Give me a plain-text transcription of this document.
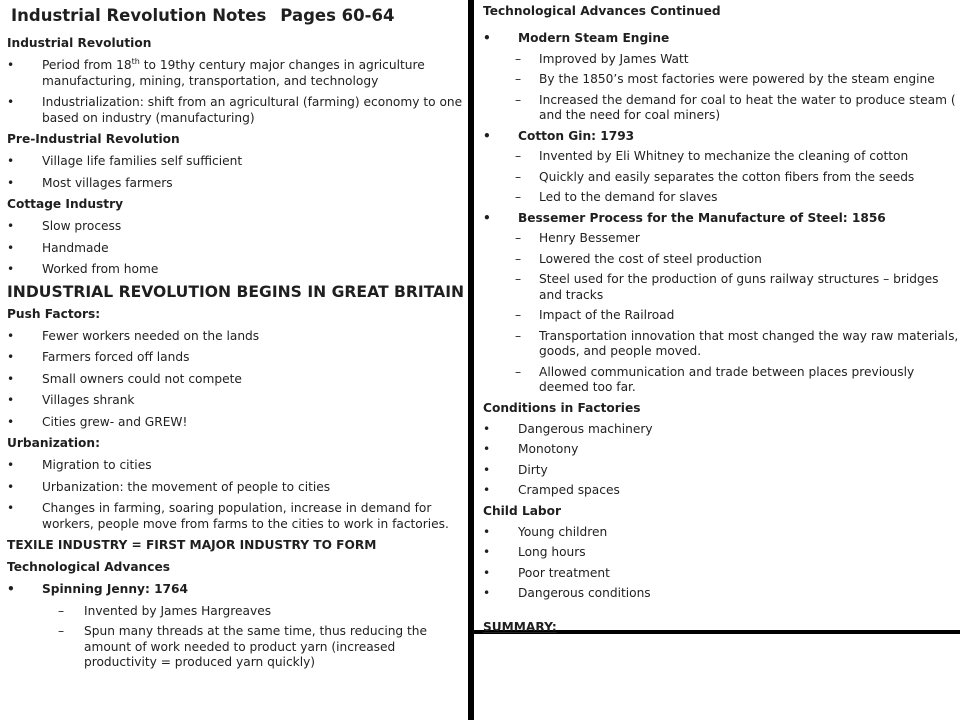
Industrial Revolution Notes Pages 60-64
Industrial Revolution
• Period from 18th to 19thy century major changes in agriculture manufacturing, mining, transportation, and technology
• Industrialization: shift from an agricultural (farming) economy to one based on industry (manufacturing)
Pre-Industrial Revolution
• Village life families self sufficient
• Most villages farmers
Cottage Industry
• Slow process
• Handmade
• Worked from home
INDUSTRIAL REVOLUTION BEGINS IN GREAT BRITAIN
Push Factors:
• Fewer workers needed on the lands
• Farmers forced off lands
• Small owners could not compete
• Villages shrank
• Cities grew- and GREW!
Urbanization:
• Migration to cities
• Urbanization: the movement of people to cities
• Changes in farming, soaring population, increase in demand for workers, people move from farms to the cities to work in factories.
TEXILE INDUSTRY = FIRST MAJOR INDUSTRY TO FORM
Technological Advances
• Spinning Jenny: 1764
– Invented by James Hargreaves
– Spun many threads at the same time, thus reducing the amount of work needed to product yarn (increased productivity = produced yarn quickly)
Technological Advances Continued
• Modern Steam Engine
– Improved by James Watt
– By the 1850’s most factories were powered by the steam engine
– Increased the demand for coal to heat the water to produce steam ( and the need for coal miners)
• Cotton Gin: 1793
– Invented by Eli Whitney to mechanize the cleaning of cotton
– Quickly and easily separates the cotton fibers from the seeds
– Led to the demand for slaves
• Bessemer Process for the Manufacture of Steel: 1856
– Henry Bessemer
– Lowered the cost of steel production
– Steel used for the production of guns railway structures – bridges and tracks
– Impact of the Railroad
– Transportation innovation that most changed the way raw materials, goods, and people moved.
– Allowed communication and trade between places previously deemed too far.
Conditions in Factories
• Dangerous machinery
• Monotony
• Dirty
• Cramped spaces
Child Labor
• Young children
• Long hours
• Poor treatment
• Dangerous conditions
SUMMARY:
